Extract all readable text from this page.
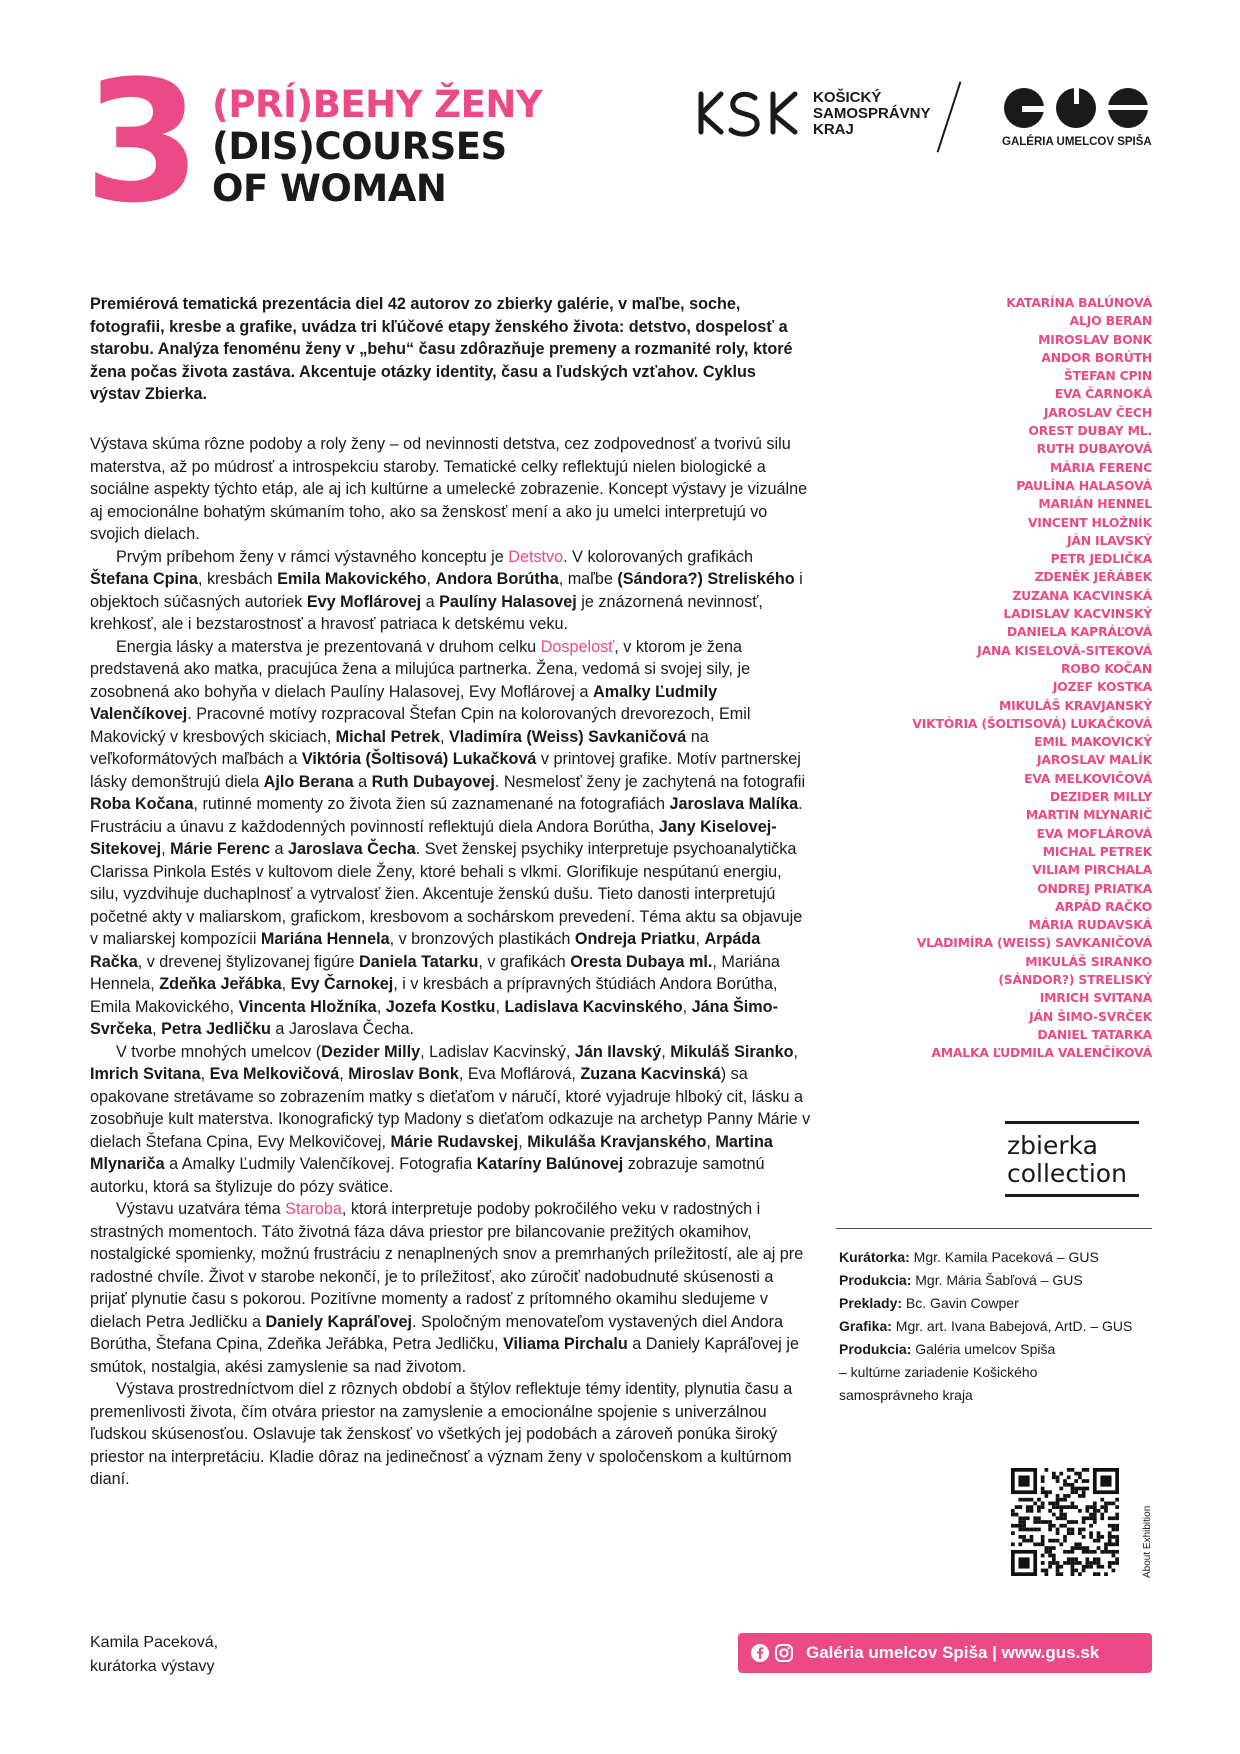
3 (PRÍ)BEHY ŽENY
(DIS)COURSES
OF WOMAN
KOŠICKÝ
SAMOSPRÁVNY
KRAJ
GALÉRIA UMELCOV SPIŠA

Premiérová tematická prezentácia diel 42 autorov zo zbierky galérie, v maľbe, soche, fotografii, kresbe a grafike, uvádza tri kľúčové etapy ženského života: detstvo, dospelosť a starobu. Analýza fenoménu ženy v „behu“ času zdôrazňuje premeny a rozmanité roly, ktoré žena počas života zastáva. Akcentuje otázky identity, času a ľudských vzťahov. Cyklus výstav Zbierka.

Výstava skúma rôzne podoby a roly ženy – od nevinnosti detstva, cez zodpovednosť a tvorivú silu materstva, až po múdrosť a introspekciu staroby. Tematické celky reflektujú nielen biologické a sociálne aspekty týchto etáp, ale aj ich kultúrne a umelecké zobrazenie. Koncept výstavy je vizuálne aj emocionálne bohatým skúmaním toho, ako sa ženskosť mení a ako ju umelci interpretujú vo svojich dielach.

Prvým príbehom ženy v rámci výstavného konceptu je Detstvo. V kolorovaných grafikách Štefana Cpina, kresbách Emila Makovického, Andora Borútha, maľbe (Sándora?) Streliského i objektoch súčasných autoriek Evy Moflárovej a Paulíny Halasovej je znázornená nevinnosť, krehkosť, ale i bezstarostnosť a hravosť patriaca k detskému veku.

Energia lásky a materstva je prezentovaná v druhom celku Dospelosť, v ktorom je žena predstavená ako matka, pracujúca žena a milujúca partnerka. Žena, vedomá si svojej sily, je zosobnená ako bohyňa v dielach Paulíny Halasovej, Evy Moflárovej a Amalky Ľudmily Valenčíkovej. Pracovné motívy rozpracoval Štefan Cpin na kolorovaných drevorezoch, Emil Makovický v kresbových skiciach, Michal Petrek, Vladimíra (Weiss) Savkaničová na veľkoformátových maľbách a Viktória (Šoltisová) Lukačková v printovej grafike. Motív partnerskej lásky demonštrujú diela Ajlo Berana a Ruth Dubayovej. Nesmelosť ženy je zachytená na fotografii Roba Kočana, rutinné momenty zo života žien sú zaznamenané na fotografiách Jaroslava Malíka. Frustráciu a únavu z každodenných povinností reflektujú diela Andora Borútha, Jany Kiselovej-Sitekovej, Márie Ferenc a Jaroslava Čecha. Svet ženskej psychiky interpretuje psychoanalytička Clarissa Pinkola Estés v kultovom diele Ženy, ktoré behali s vlkmi. Glorifikuje nespútanú energiu, silu, vyzdvihuje duchaplnosť a vytrvalosť žien. Akcentuje ženskú dušu. Tieto danosti interpretujú početné akty v maliarskom, grafickom, kresbovom a sochárskom prevedení. Téma aktu sa objavuje v maliarskej kompozícii Mariána Hennela, v bronzových plastikách Ondreja Priatku, Arpáda Račka, v drevenej štylizovanej figúre Daniela Tatarku, v grafikách Oresta Dubaya ml., Mariána Hennela, Zdeňka Jeřábka, Evy Čarnokej, i v kresbách a prípravných štúdiách Andora Borútha, Emila Makovického, Vincenta Hložníka, Jozefa Kostku, Ladislava Kacvinského, Jána Šimo-Svrčeka, Petra Jedličku a Jaroslava Čecha.

V tvorbe mnohých umelcov (Dezider Milly, Ladislav Kacvinský, Ján Ilavský, Mikuláš Siranko, Imrich Svitana, Eva Melkovičová, Miroslav Bonk, Eva Moflárová, Zuzana Kacvinská) sa opakovane stretávame so zobrazením matky s dieťaťom v náručí, ktoré vyjadruje hlboký cit, lásku a zosobňuje kult materstva. Ikonografický typ Madony s dieťaťom odkazuje na archetyp Panny Márie v dielach Štefana Cpina, Evy Melkovičovej, Márie Rudavskej, Mikuláša Kravjanského, Martina Mlynariča a Amalky Ľudmily Valenčíkovej. Fotografia Kataríny Balúnovej zobrazuje samotnú autorku, ktorá sa štylizuje do pózy svätice.

Výstavu uzatvára téma Staroba, ktorá interpretuje podoby pokročilého veku v radostných i strastných momentoch. Táto životná fáza dáva priestor pre bilancovanie prežitých okamihov, nostalgické spomienky, možnú frustráciu z nenaplnených snov a premrhaných príležitostí, ale aj pre radostné chvíle. Život v starobe nekončí, je to príležitosť, ako zúročiť nadobudnuté skúsenosti a prijať plynutie času s pokorou. Pozitívne momenty a radosť z prítomného okamihu sledujeme v dielach Petra Jedličku a Daniely Kapráľovej. Spoločným menovateľom vystavených diel Andora Borútha, Štefana Cpina, Zdeňka Jeřábka, Petra Jedličku, Viliama Pirchalu a Daniely Kapráľovej je smútok, nostalgia, akési zamyslenie sa nad životom.

Výstava prostredníctvom diel z rôznych období a štýlov reflektuje témy identity, plynutia času a premenlivosti života, čím otvára priestor na zamyslenie a emocionálne spojenie s univerzálnou ľudskou skúsenosťou. Oslavuje tak ženskosť vo všetkých jej podobách a zároveň ponúka široký priestor na interpretáciu. Kladie dôraz na jedinečnosť a význam ženy v spoločenskom a kultúrnom dianí.

Kamila Paceková,
kurátorka výstavy
KATARÍNA BALÚNOVÁ
ALJO BERAN
MIROSLAV BONK
ANDOR BORÚTH
ŠTEFAN CPIN
EVA ČARNOKÁ
JAROSLAV ČECH
OREST DUBAY ML.
RUTH DUBAYOVÁ
MÁRIA FERENC
PAULÍNA HALASOVÁ
MARIÁN HENNEL
VINCENT HLOŽNÍK
JÁN ILAVSKÝ
PETR JEDLIČKA
ZDENĚK JEŘÁBEK
ZUZANA KACVINSKÁ
LADISLAV KACVINSKÝ
DANIELA KAPRÁĽOVÁ
JANA KISELOVÁ-SITEKOVÁ
ROBO KOČAN
JOZEF KOSTKA
MIKULÁŠ KRAVJANSKÝ
VIKTÓRIA (ŠOLTISOVÁ) LUKAČKOVÁ
EMIL MAKOVICKÝ
JAROSLAV MALÍK
EVA MELKOVIČOVÁ
DEZIDER MILLY
MARTIN MLYNARIČ
EVA MOFLÁROVÁ
MICHAL PETREK
VILIAM PIRCHALA
ONDREJ PRIATKA
ARPÁD RAČKO
MÁRIA RUDAVSKÁ
VLADIMÍRA (WEISS) SAVKANIČOVÁ
MIKULÁŠ SIRANKO
(SÁNDOR?) STRELISKÝ
IMRICH SVITANA
JÁN ŠIMO-SVRČEK
DANIEL TATARKA
AMALKA ĽUDMILA VALENČÍKOVÁ
zbierka
collection
Kurátorka: Mgr. Kamila Paceková – GUS
Produkcia: Mgr. Mária Šabľová – GUS
Preklady: Bc. Gavin Cowper
Grafika: Mgr. art. Ivana Babejová, ArtD. – GUS
Produkcia: Galéria umelcov Spiša
– kultúrne zariadenie Košického
samosprávneho kraja
About Exhibition
Galéria umelcov Spiša | www.gus.sk
